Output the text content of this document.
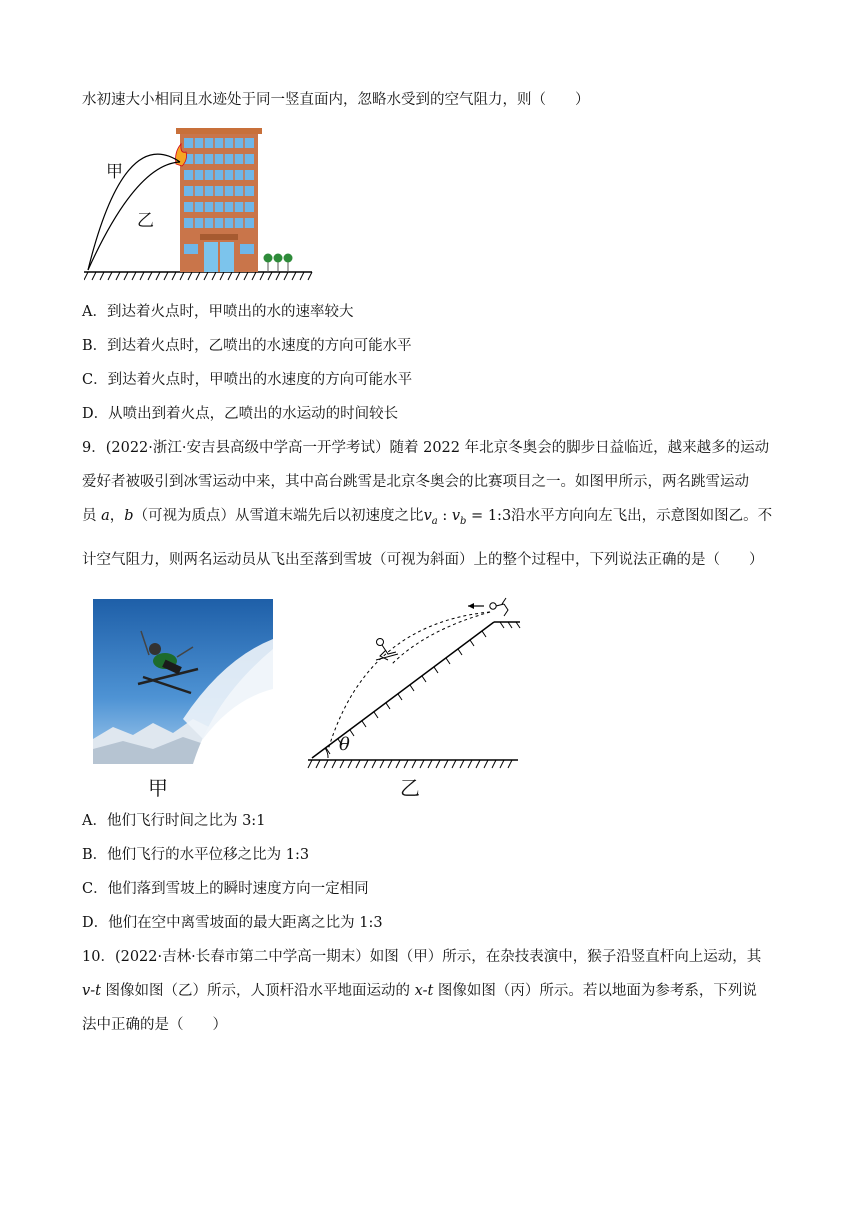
水初速大小相同且水迹处于同一竖直面内，忽略水受到的空气阻力，则（　　）
甲
乙
A．到达着火点时，甲喷出的水的速率较大
B．到达着火点时，乙喷出的水速度的方向可能水平
C．到达着火点时，甲喷出的水速度的方向可能水平
D．从喷出到着火点，乙喷出的水运动的时间较长
9．(2022·浙江·安吉县高级中学高一开学考试）随着 2022 年北京冬奥会的脚步日益临近，越来越多的运动
爱好者被吸引到冰雪运动中来，其中高台跳雪是北京冬奥会的比赛项目之一。如图甲所示，两名跳雪运动
员 a，b（可视为质点）从雪道末端先后以初速度之比$v_a$ : $v_b$ = 1:3沿水平方向向左飞出，示意图如图乙。不
计空气阻力，则两名运动员从飞出至落到雪坡（可视为斜面）上的整个过程中，下列说法正确的是（　　）
甲
θ
乙
A．他们飞行时间之比为 3:1
B．他们飞行的水平位移之比为 1:3
C．他们落到雪坡上的瞬时速度方向一定相同
D．他们在空中离雪坡面的最大距离之比为 1:3
10．(2022·吉林·长春市第二中学高一期末）如图（甲）所示，在杂技表演中，猴子沿竖直杆向上运动，其
v-t 图像如图（乙）所示，人顶杆沿水平地面运动的 x-t 图像如图（丙）所示。若以地面为参考系，下列说
法中正确的是（　　）
